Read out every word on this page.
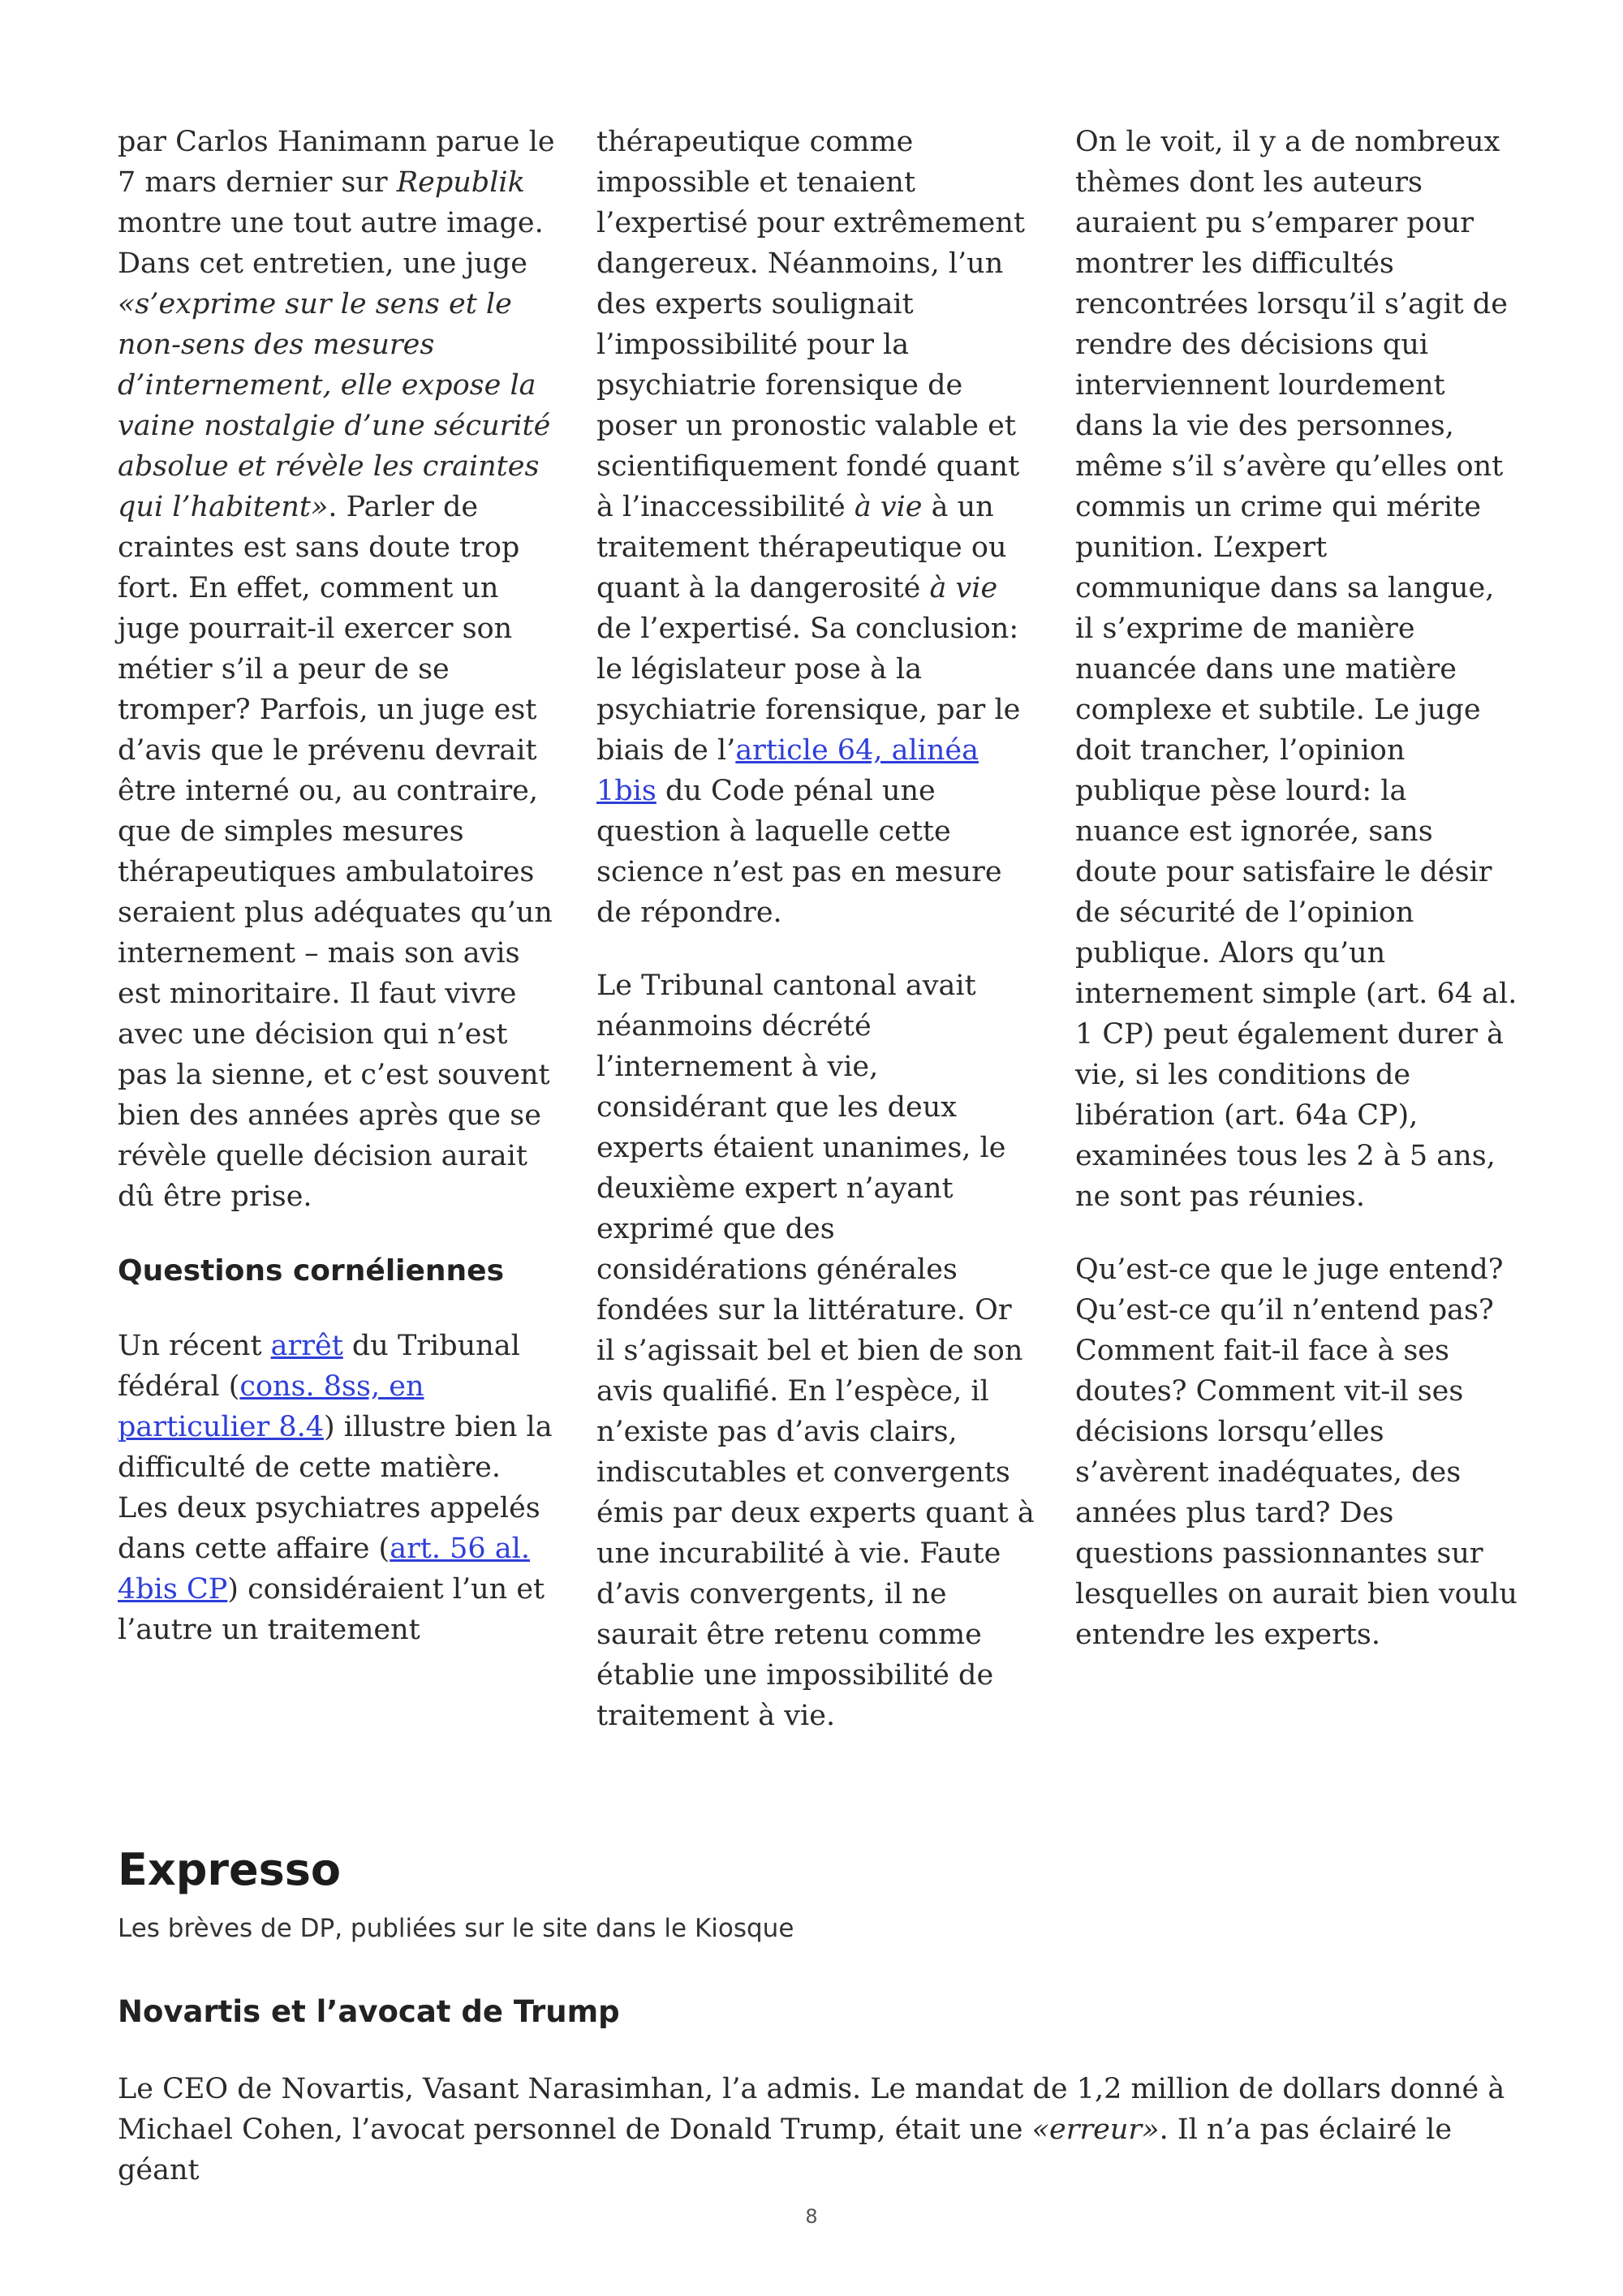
par Carlos Hanimann parue le 7 mars dernier sur Republik montre une tout autre image. Dans cet entretien, une juge «s’exprime sur le sens et le non-sens des mesures d’internement, elle expose la vaine nostalgie d’une sécurité absolue et révèle les craintes qui l’habitent». Parler de craintes est sans doute trop fort. En effet, comment un juge pourrait-il exercer son métier s’il a peur de se tromper? Parfois, un juge est d’avis que le prévenu devrait être interné ou, au contraire, que de simples mesures thérapeutiques ambulatoires seraient plus adéquates qu’un internement – mais son avis est minoritaire. Il faut vivre avec une décision qui n’est pas la sienne, et c’est souvent bien des années après que se révèle quelle décision aurait dû être prise.

Questions cornéliennes

Un récent arrêt du Tribunal fédéral (cons. 8ss, en particulier 8.4) illustre bien la difficulté de cette matière. Les deux psychiatres appelés dans cette affaire (art. 56 al. 4bis CP) considéraient l’un et l’autre un traitement

thérapeutique comme impossible et tenaient l’expertisé pour extrêmement dangereux. Néanmoins, l’un des experts soulignait l’impossibilité pour la psychiatrie forensique de poser un pronostic valable et scientifiquement fondé quant à l’inaccessibilité à vie à un traitement thérapeutique ou quant à la dangerosité à vie de l’expertisé. Sa conclusion: le législateur pose à la psychiatrie forensique, par le biais de l’article 64, alinéa 1bis du Code pénal une question à laquelle cette science n’est pas en mesure de répondre.

Le Tribunal cantonal avait néanmoins décrété l’internement à vie, considérant que les deux experts étaient unanimes, le deuxième expert n’ayant exprimé que des considérations générales fondées sur la littérature. Or il s’agissait bel et bien de son avis qualifié. En l’espèce, il n’existe pas d’avis clairs, indiscutables et convergents émis par deux experts quant à une incurabilité à vie. Faute d’avis convergents, il ne saurait être retenu comme établie une impossibilité de traitement à vie.

On le voit, il y a de nombreux thèmes dont les auteurs auraient pu s’emparer pour montrer les difficultés rencontrées lorsqu’il s’agit de rendre des décisions qui interviennent lourdement dans la vie des personnes, même s’il s’avère qu’elles ont commis un crime qui mérite punition. L’expert communique dans sa langue, il s’exprime de manière nuancée dans une matière complexe et subtile. Le juge doit trancher, l’opinion publique pèse lourd: la nuance est ignorée, sans doute pour satisfaire le désir de sécurité de l’opinion publique. Alors qu’un internement simple (art. 64 al. 1 CP) peut également durer à vie, si les conditions de libération (art. 64a CP), examinées tous les 2 à 5 ans, ne sont pas réunies.

Qu’est-ce que le juge entend? Qu’est-ce qu’il n’entend pas? Comment fait-il face à ses doutes? Comment vit-il ses décisions lorsqu’elles s’avèrent inadéquates, des années plus tard? Des questions passionnantes sur lesquelles on aurait bien voulu entendre les experts.

Expresso
Les brèves de DP, publiées sur le site dans le Kiosque
Novartis et l’avocat de Trump

Le CEO de Novartis, Vasant Narasimhan, l’a admis. Le mandat de 1,2 million de dollars donné à Michael Cohen, l’avocat personnel de Donald Trump, était une «erreur». Il n’a pas éclairé le géant

8
